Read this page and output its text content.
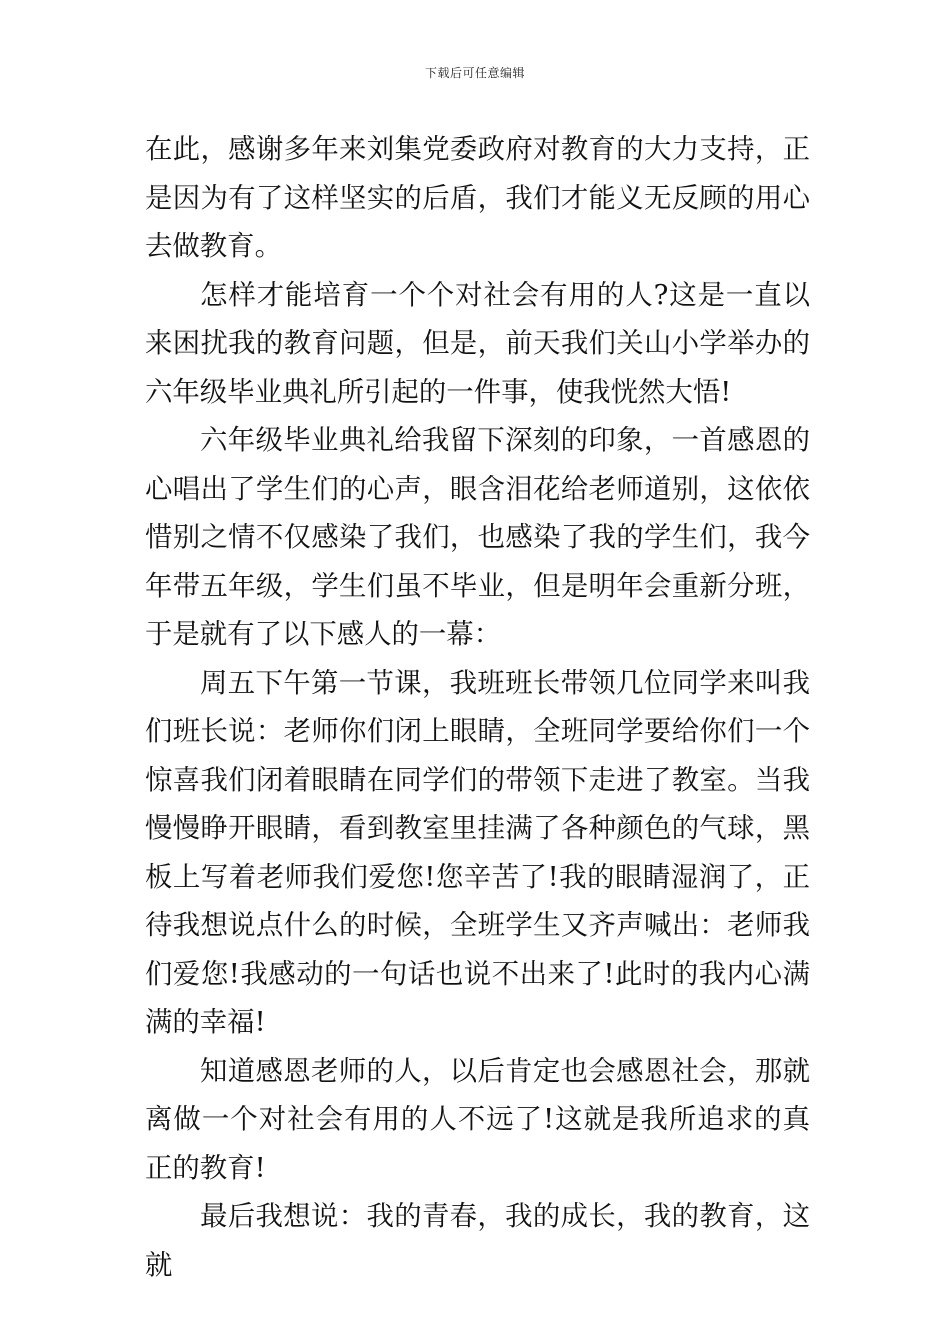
下载后可任意编辑

在此，感谢多年来刘集党委政府对教育的大力支持，正是因为有了这样坚实的后盾，我们才能义无反顾的用心去做教育。

怎样才能培育一个个对社会有用的人?这是一直以来困扰我的教育问题，但是，前天我们关山小学举办的六年级毕业典礼所引起的一件事，使我恍然大悟!

六年级毕业典礼给我留下深刻的印象，一首感恩的心唱出了学生们的心声，眼含泪花给老师道别，这依依惜别之情不仅感染了我们，也感染了我的学生们，我今年带五年级，学生们虽不毕业，但是明年会重新分班，于是就有了以下感人的一幕：

周五下午第一节课，我班班长带领几位同学来叫我们班长说：老师你们闭上眼睛，全班同学要给你们一个惊喜我们闭着眼睛在同学们的带领下走进了教室。当我慢慢睁开眼睛，看到教室里挂满了各种颜色的气球，黑板上写着老师我们爱您!您辛苦了!我的眼睛湿润了，正待我想说点什么的时候，全班学生又齐声喊出：老师我们爱您!我感动的一句话也说不出来了!此时的我内心满满的幸福!

知道感恩老师的人，以后肯定也会感恩社会，那就离做一个对社会有用的人不远了!这就是我所追求的真正的教育!

最后我想说：我的青春，我的成长，我的教育，这就
